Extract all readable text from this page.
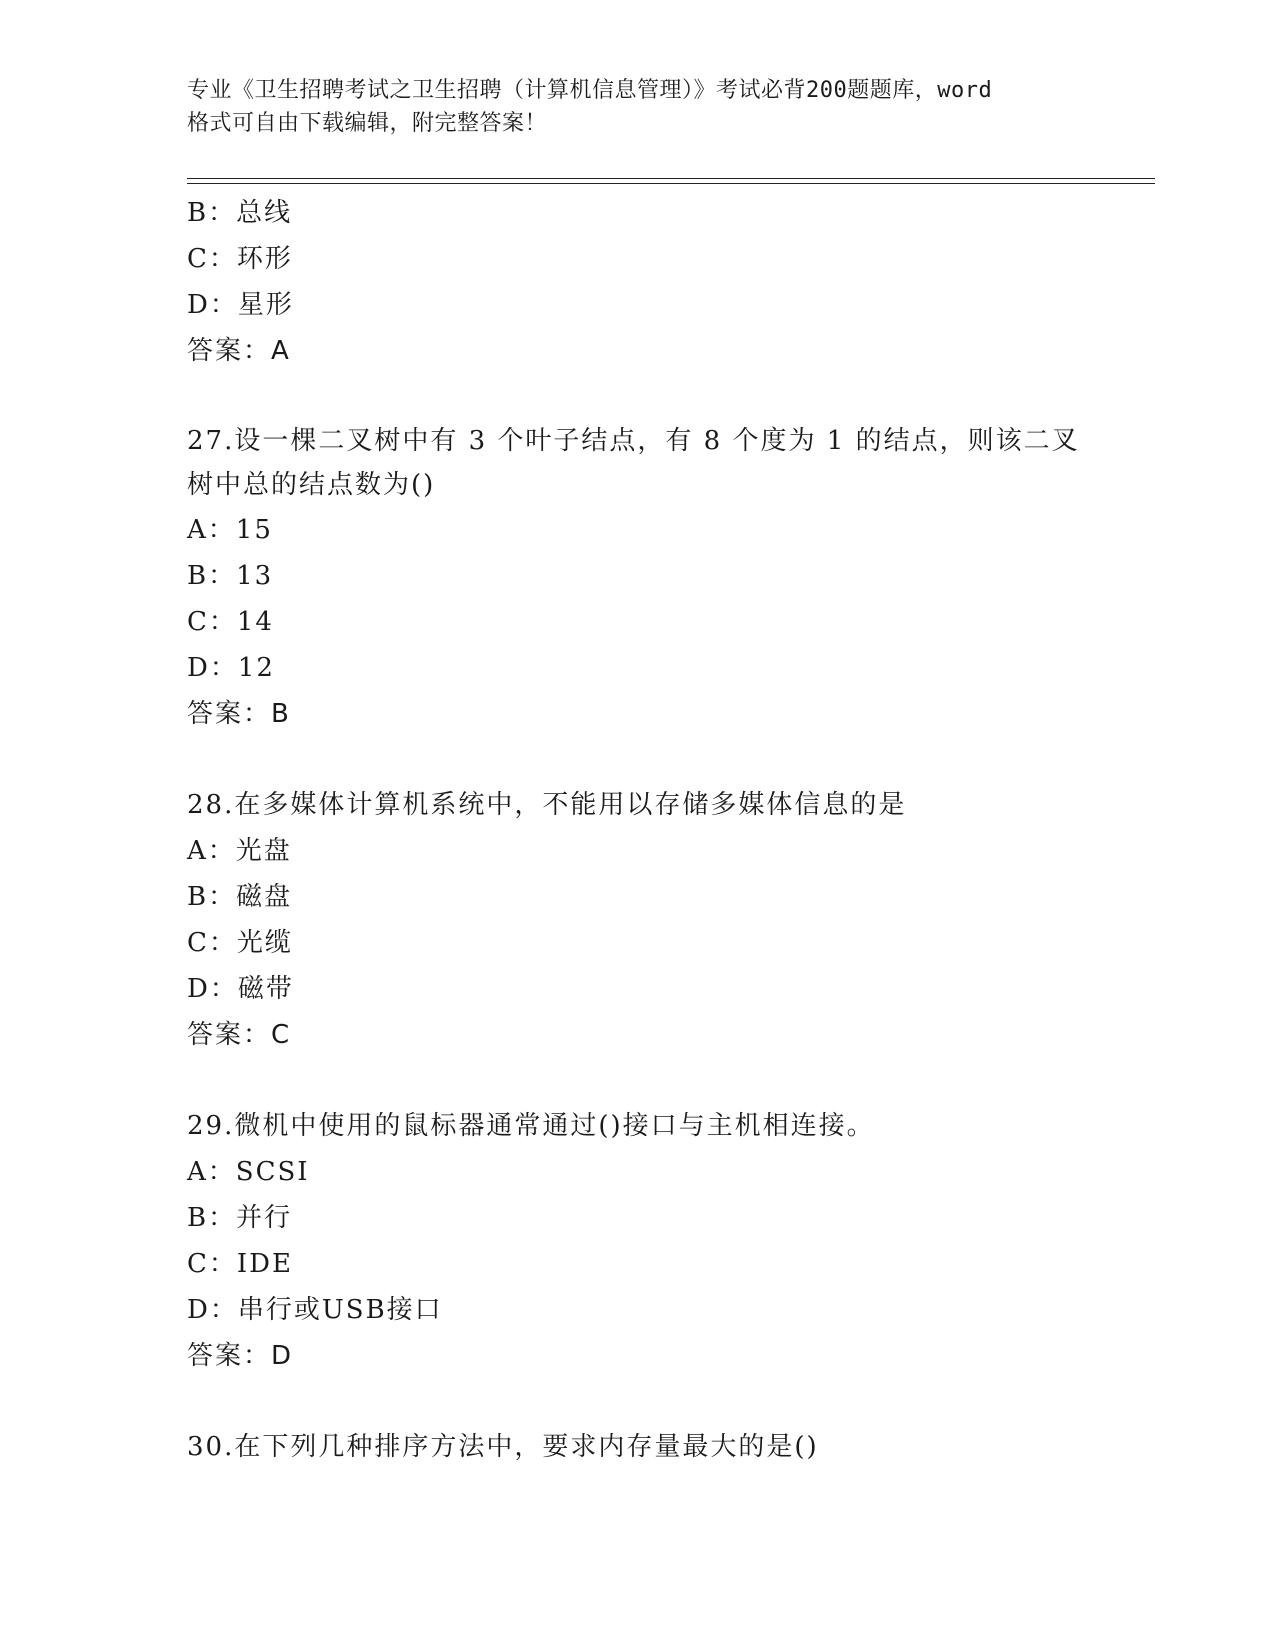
专业《卫生招聘考试之卫生招聘（计算机信息管理）》考试必背200题题库，word
格式可自由下载编辑，附完整答案！
B：总线
C：环形
D：星形
答案：A
27.设一棵二叉树中有 3 个叶子结点，有 8 个度为 1 的结点，则该二叉
树中总的结点数为()
A：15
B：13
C：14
D：12
答案：B
28.在多媒体计算机系统中，不能用以存储多媒体信息的是
A：光盘
B：磁盘
C：光缆
D：磁带
答案：C
29.微机中使用的鼠标器通常通过()接口与主机相连接。
A：SCSI
B：并行
C：IDE
D：串行或USB接口
答案：D
30.在下列几种排序方法中，要求内存量最大的是()
